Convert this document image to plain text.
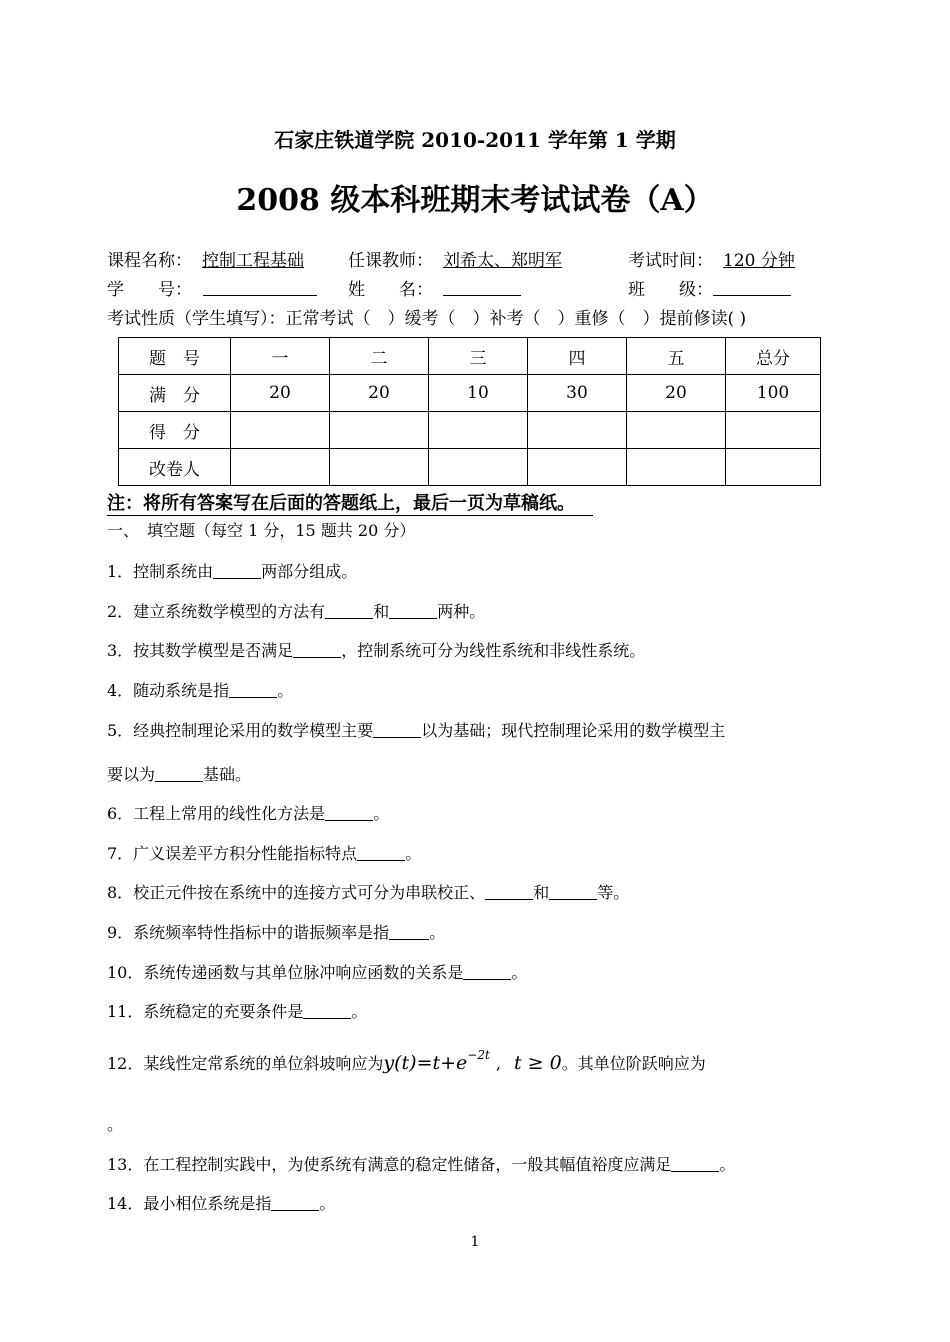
石家庄铁道学院 2010-2011 学年第 1 学期
2008 级本科班期末考试试卷（A）
课程名称： 控制工程基础	任课教师： 刘希太、郑明军	考试时间： 120 分钟
学　　号：	姓　　名：	班　　级：
考试性质（学生填写）：正常考试（　）缓考（　）补考（　）重修（　）提前修读( )
题　号	一	二	三	四	五	总分
满　分	20	20	10	30	20	100
得　分						
改卷人						
注：将所有答案写在后面的答题纸上，最后一页为草稿纸。
一、　填空题（每空 1 分，15 题共 20 分）
1．控制系统由	两部分组成。
2．建立系统数学模型的方法有	和	两种。
3．按其数学模型是否满足	，控制系统可分为线性系统和非线性系统。
4．随动系统是指	。
5．经典控制理论采用的数学模型主要	以为基础；现代控制理论采用的数学模型主
要以为	基础。
6．工程上常用的线性化方法是	。
7．广义误差平方积分性能指标特点	。
8．校正元件按在系统中的连接方式可分为串联校正、	和	等。
9．系统频率特性指标中的谐振频率是指	。
10．系统传递函数与其单位脉冲响应函数的关系是	。
11．系统稳定的充要条件是	。
12．某线性定常系统的单位斜坡响应为$y(t)=t+e^{-2t}$ , t ≥ 0。其单位阶跃响应为
。
13．在工程控制实践中，为使系统有满意的稳定性储备，一般其幅值裕度应满足	。
14．最小相位系统是指	。
1
